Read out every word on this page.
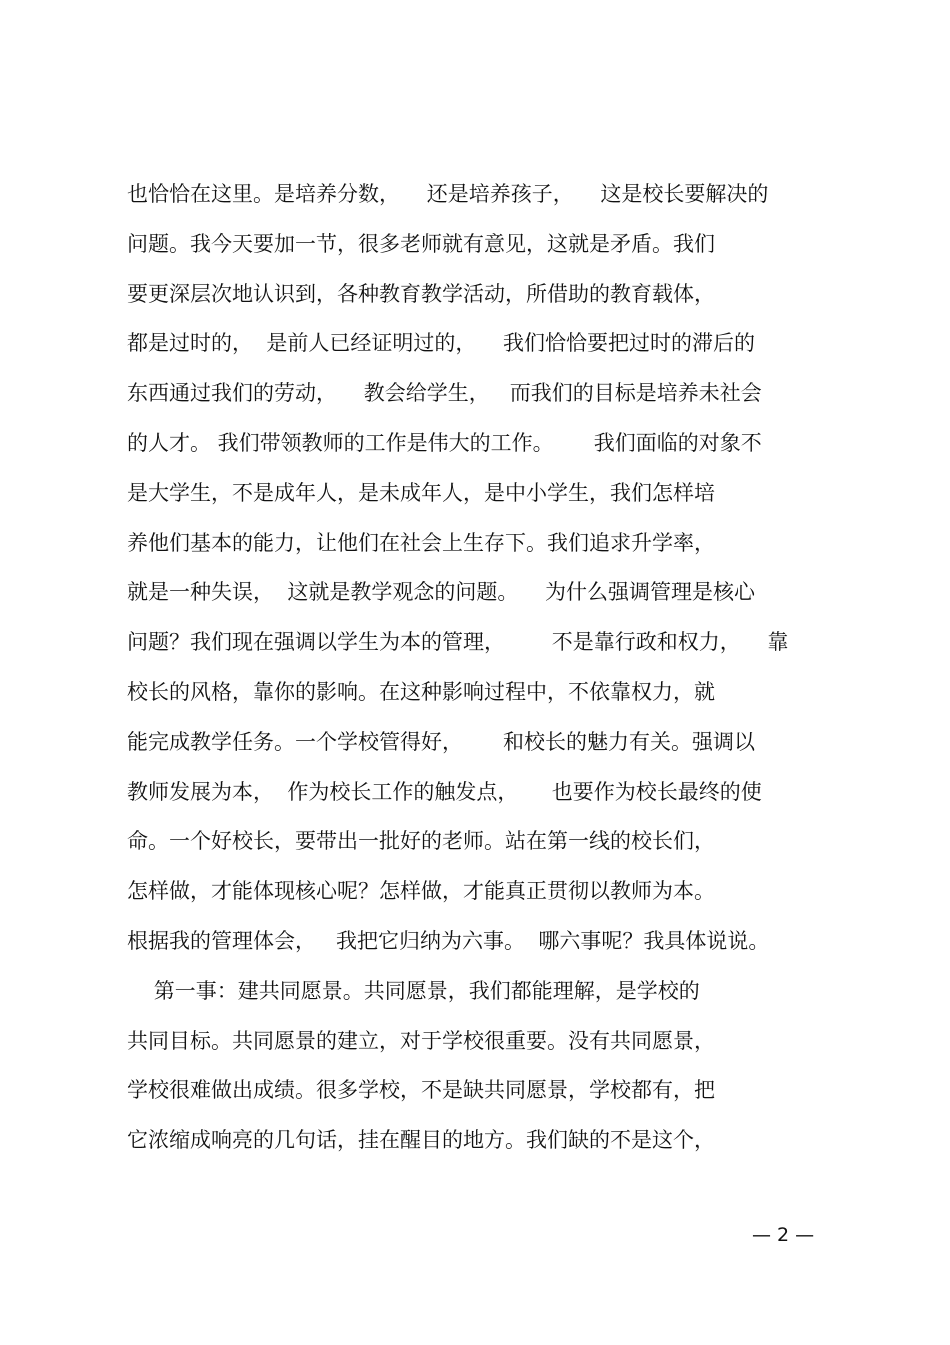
也恰恰在这里。是培养分数，    还是培养孩子，    这是校长要解决的
问题。我今天要加一节，很多老师就有意见，这就是矛盾。我们
要更深层次地认识到，各种教育教学活动，所借助的教育载体，
都是过时的，  是前人已经证明过的，    我们恰恰要把过时的滞后的
东西通过我们的劳动，    教会给学生，   而我们的目标是培养未社会
的人才。 我们带领教师的工作是伟大的工作。      我们面临的对象不
是大学生，不是成年人，是未成年人，是中小学生，我们怎样培
养他们基本的能力，让他们在社会上生存下。我们追求升学率，
就是一种失误，  这就是教学观念的问题。    为什么强调管理是核心
问题？我们现在强调以学生为本的管理，       不是靠行政和权力，    靠
校长的风格，靠你的影响。在这种影响过程中，不依靠权力，就
能完成教学任务。一个学校管得好，      和校长的魅力有关。强调以
教师发展为本，  作为校长工作的触发点，     也要作为校长最终的使
命。一个好校长，要带出一批好的老师。站在第一线的校长们，
怎样做，才能体现核心呢？怎样做，才能真正贯彻以教师为本。
根据我的管理体会，   我把它归纳为六事。  哪六事呢？我具体说说。
第一事：建共同愿景。共同愿景，我们都能理解，是学校的
共同目标。共同愿景的建立，对于学校很重要。没有共同愿景，
学校很难做出成绩。很多学校，不是缺共同愿景，学校都有，把
它浓缩成响亮的几句话，挂在醒目的地方。我们缺的不是这个，
— 2 —
